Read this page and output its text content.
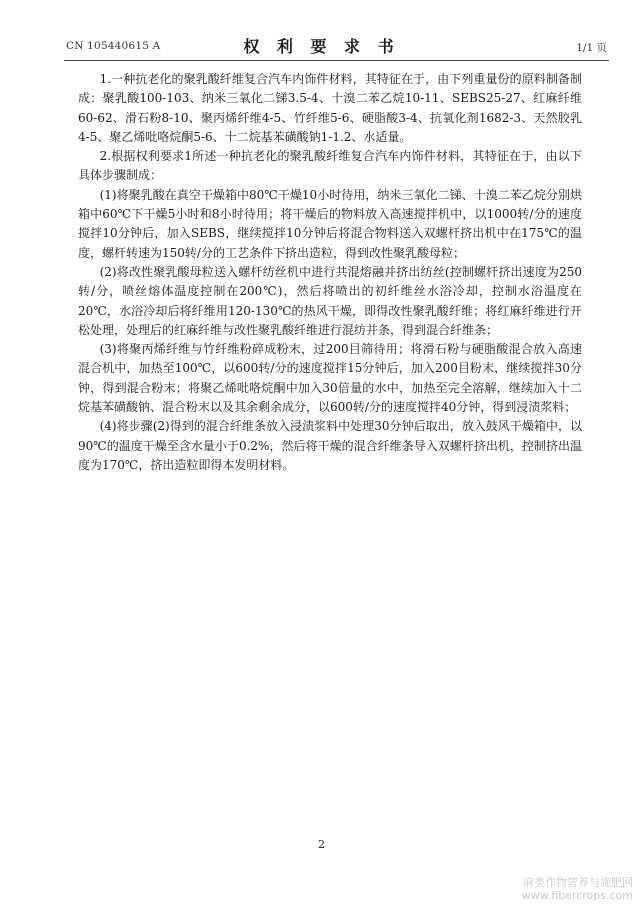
CN 105440615 A	权 利 要 求 书	1/1 页

1.一种抗老化的聚乳酸纤维复合汽车内饰件材料，其特征在于，由下列重量份的原料制备制成：聚乳酸100-103、纳米三氧化二锑3.5-4、十溴二苯乙烷10-11、SEBS25-27、红麻纤维60-62、滑石粉8-10、聚丙烯纤维4-5、竹纤维5-6、硬脂酸3-4、抗氧化剂1682-3、天然胶乳4-5、聚乙烯吡咯烷酮5-6、十二烷基苯磺酸钠1-1.2、水适量。

2.根据权利要求1所述一种抗老化的聚乳酸纤维复合汽车内饰件材料，其特征在于，由以下具体步骤制成：

(1)将聚乳酸在真空干燥箱中80℃干燥10小时待用，纳米三氧化二锑、十溴二苯乙烷分别烘箱中60℃下干燥5小时和8小时待用；将干燥后的物料放入高速搅拌机中，以1000转/分的速度搅拌10分钟后，加入SEBS，继续搅拌10分钟后将混合物料送入双螺杆挤出机中在175℃的温度，螺杆转速为150转/分的工艺条件下挤出造粒，得到改性聚乳酸母粒；

(2)将改性聚乳酸母粒送入螺杆纺丝机中进行共混熔融并挤出纺丝(控制螺杆挤出速度为250转/分，喷丝熔体温度控制在200℃)，然后将喷出的初纤维丝水浴冷却，控制水浴温度在20℃，水浴冷却后将纤维用120-130℃的热风干燥，即得改性聚乳酸纤维；将红麻纤维进行开松处理，处理后的红麻纤维与改性聚乳酸纤维进行混纺并条，得到混合纤维条；

(3)将聚丙烯纤维与竹纤维粉碎成粉末，过200目筛待用；将滑石粉与硬脂酸混合放入高速混合机中，加热至100℃，以600转/分的速度搅拌15分钟后，加入200目粉末，继续搅拌30分钟，得到混合粉末；将聚乙烯吡咯烷酮中加入30倍量的水中，加热至完全溶解，继续加入十二烷基苯磺酸钠、混合粉末以及其余剩余成分，以600转/分的速度搅拌40分钟，得到浸渍浆料；

(4)将步骤(2)得到的混合纤维条放入浸渍浆料中处理30分钟后取出，放入鼓风干燥箱中，以90℃的温度干燥至含水量小于0.2%，然后将干燥的混合纤维条导入双螺杆挤出机，控制挤出温度为170℃，挤出造粒即得本发明材料。

2
麻类作物营养与施肥网
www.fibercrops.com
